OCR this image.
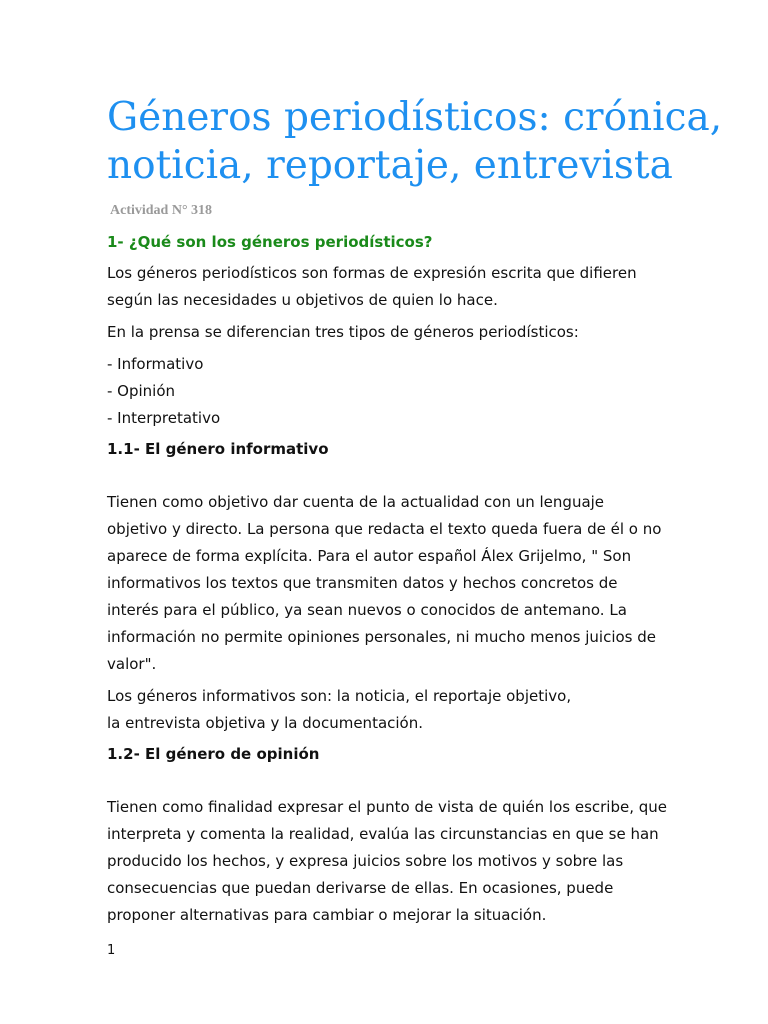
Géneros periodísticos: crónica, noticia, reportaje, entrevista

Actividad N° 318

1- ¿Qué son los géneros periodísticos?

Los géneros periodísticos son formas de expresión escrita que difieren según las necesidades u objetivos de quien lo hace.

En la prensa se diferencian tres tipos de géneros periodísticos:

- Informativo

- Opinión

- Interpretativo

1.1- El género informativo

Tienen como objetivo dar cuenta de la actualidad con un lenguaje objetivo y directo. La persona que redacta el texto queda fuera de él o no aparece de forma explícita. Para el autor español Álex Grijelmo, " Son informativos los textos que transmiten datos y hechos concretos de interés para el público, ya sean nuevos o conocidos de antemano. La información no permite opiniones personales, ni mucho menos juicios de valor".

Los géneros informativos son: la noticia, el reportaje objetivo,

la entrevista objetiva y la documentación.

1.2- El género de opinión

Tienen como finalidad expresar el punto de vista de quién los escribe, que interpreta y comenta la realidad, evalúa las circunstancias en que se han producido los hechos, y expresa juicios sobre los motivos y sobre las consecuencias que puedan derivarse de ellas. En ocasiones, puede proponer alternativas para cambiar o mejorar la situación.

1
